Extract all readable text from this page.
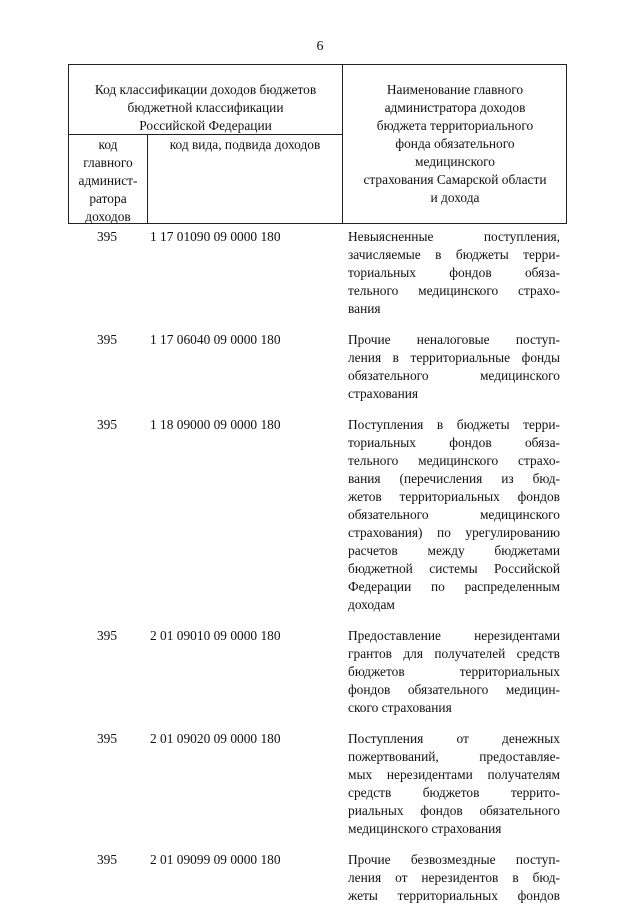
6
Код классификации доходов бюджетов
бюджетной классификации
Российской Федерации
код
главного
админист-
ратора
доходов
код вида, подвида доходов
Наименование главного
администратора доходов
бюджета территориального
фонда обязательного
медицинского
страхования Самарской области
и дохода
395	1 17 01090 09 0000 180	Невыясненные поступления,
зачисляемые в бюджеты терри-
ториальных фондов обяза-
тельного медицинского страхо-
вания
395	1 17 06040 09 0000 180	Прочие неналоговые поступ-
ления в территориальные фонды
обязательного медицинского
страхования
395	1 18 09000 09 0000 180	Поступления в бюджеты терри-
ториальных фондов обяза-
тельного медицинского страхо-
вания (перечисления из бюд-
жетов территориальных фондов
обязательного медицинского
страхования) по урегулированию
расчетов между бюджетами
бюджетной системы Российской
Федерации по распределенным
доходам
395	2 01 09010 09 0000 180	Предоставление нерезидентами
грантов для получателей средств
бюджетов территориальных
фондов обязательного медицин-
ского страхования
395	2 01 09020 09 0000 180	Поступления от денежных
пожертвований, предоставляе-
мых нерезидентами получателям
средств бюджетов террито-
риальных фондов обязательного
медицинского страхования
395	2 01 09099 09 0000 180	Прочие безвозмездные поступ-
ления от нерезидентов в бюд-
жеты территориальных фондов
